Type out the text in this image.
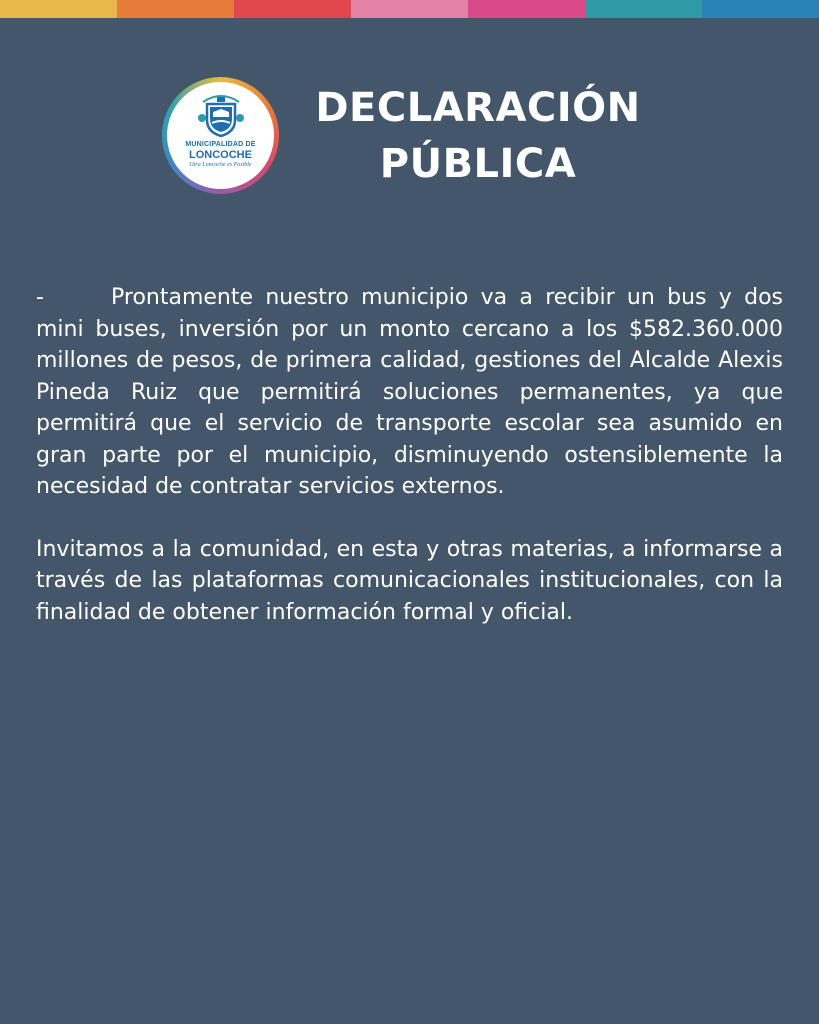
MUNICIPALIDAD DE
LONCOCHE
Otra Loncoche es Posible
DECLARACIÓN
PÚBLICA

-	Prontamente nuestro municipio va a recibir un bus y dos mini buses, inversión por un monto cercano a los $582.360.000 millones de pesos, de primera calidad, gestiones del Alcalde Alexis Pineda Ruiz que permitirá soluciones permanentes, ya que permitirá que el servicio de transporte escolar sea asumido en gran parte por el municipio, disminuyendo ostensiblemente la necesidad de contratar servicios externos.

Invitamos a la comunidad, en esta y otras materias, a informarse a través de las plataformas comunicacionales institucionales, con la finalidad de obtener información formal y oficial.
